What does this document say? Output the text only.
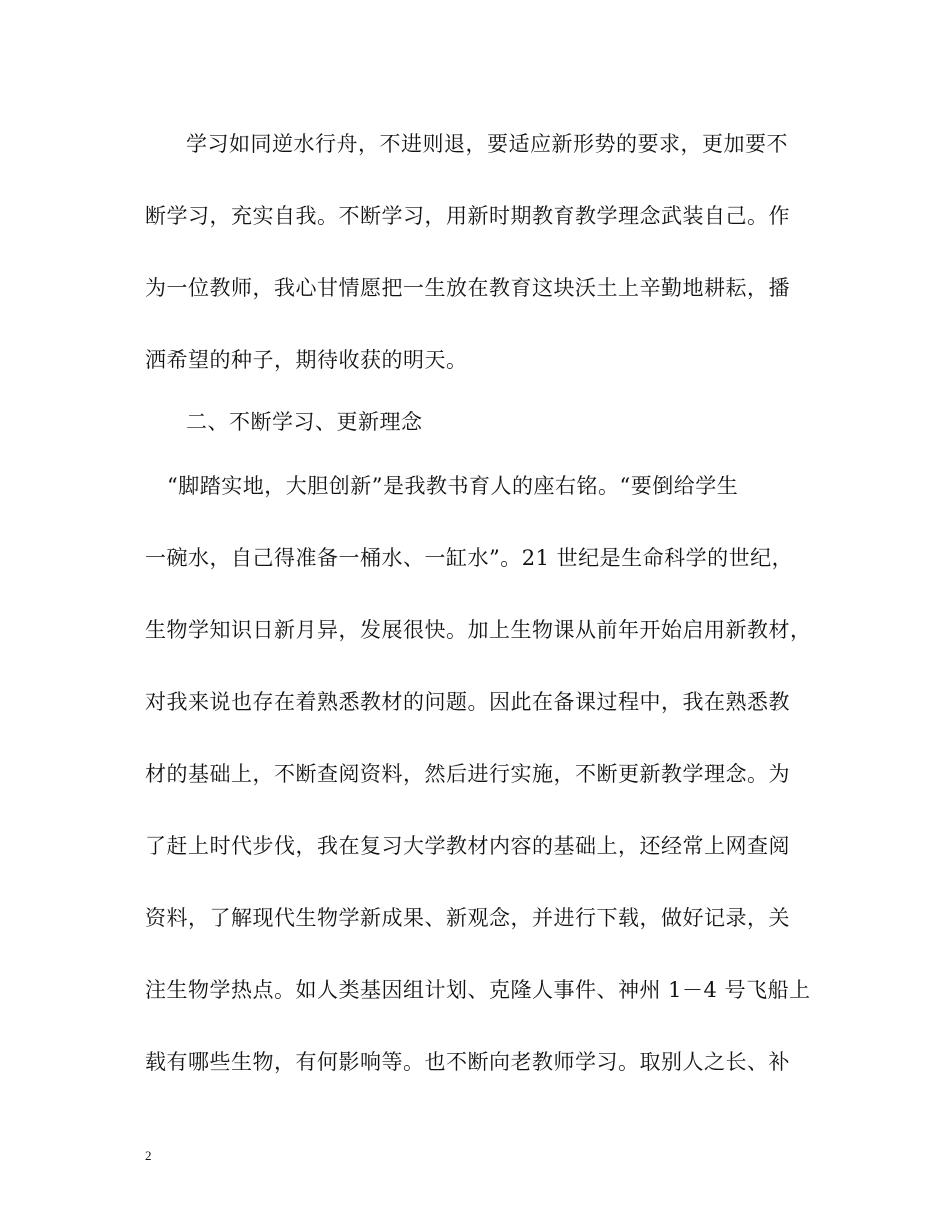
学习如同逆水行舟，不进则退，要适应新形势的要求，更加要不
断学习，充实自我。不断学习，用新时期教育教学理念武装自己。作
为一位教师，我心甘情愿把一生放在教育这块沃土上辛勤地耕耘，播
洒希望的种子，期待收获的明天。
二、不断学习、更新理念
“脚踏实地，大胆创新”是我教书育人的座右铭。“要倒给学生
一碗水，自己得准备一桶水、一缸水”。21 世纪是生命科学的世纪，
生物学知识日新月异，发展很快。加上生物课从前年开始启用新教材，
对我来说也存在着熟悉教材的问题。因此在备课过程中，我在熟悉教
材的基础上，不断查阅资料，然后进行实施，不断更新教学理念。为
了赶上时代步伐，我在复习大学教材内容的基础上，还经常上网查阅
资料，了解现代生物学新成果、新观念，并进行下载，做好记录，关
注生物学热点。如人类基因组计划、克隆人事件、神州 1－4 号飞船上
载有哪些生物，有何影响等。也不断向老教师学习。取别人之长、补
2
